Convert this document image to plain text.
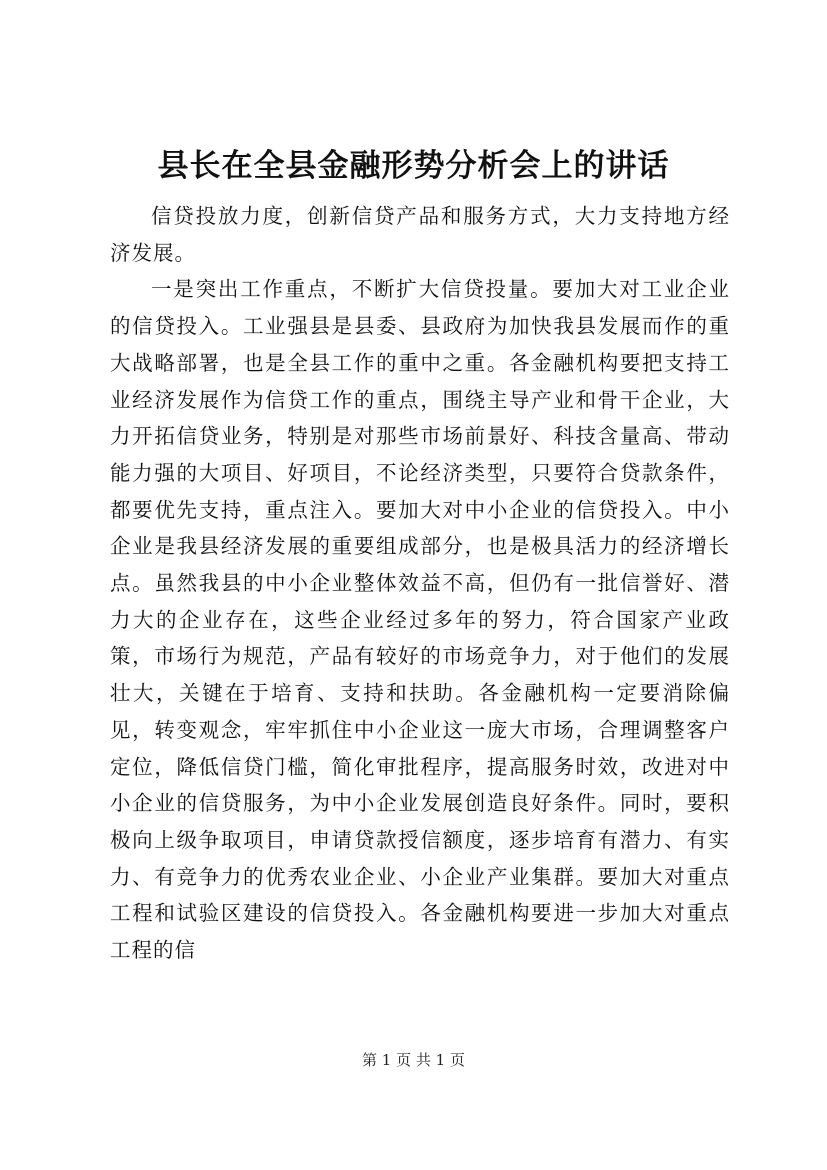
县长在全县金融形势分析会上的讲话

信贷投放力度，创新信贷产品和服务方式，大力支持地方经济发展。

一是突出工作重点，不断扩大信贷投量。要加大对工业企业的信贷投入。工业强县是县委、县政府为加快我县发展而作的重大战略部署，也是全县工作的重中之重。各金融机构要把支持工业经济发展作为信贷工作的重点，围绕主导产业和骨干企业，大力开拓信贷业务，特别是对那些市场前景好、科技含量高、带动能力强的大项目、好项目，不论经济类型，只要符合贷款条件，都要优先支持，重点注入。要加大对中小企业的信贷投入。中小企业是我县经济发展的重要组成部分，也是极具活力的经济增长点。虽然我县的中小企业整体效益不高，但仍有一批信誉好、潜力大的企业存在，这些企业经过多年的努力，符合国家产业政策，市场行为规范，产品有较好的市场竞争力，对于他们的发展壮大，关键在于培育、支持和扶助。各金融机构一定要消除偏见，转变观念，牢牢抓住中小企业这一庞大市场，合理调整客户定位，降低信贷门槛，简化审批程序，提高服务时效，改进对中小企业的信贷服务，为中小企业发展创造良好条件。同时，要积极向上级争取项目，申请贷款授信额度，逐步培育有潜力、有实力、有竞争力的优秀农业企业、小企业产业集群。要加大对重点工程和试验区建设的信贷投入。各金融机构要进一步加大对重点工程的信

第 1 页 共 1 页
